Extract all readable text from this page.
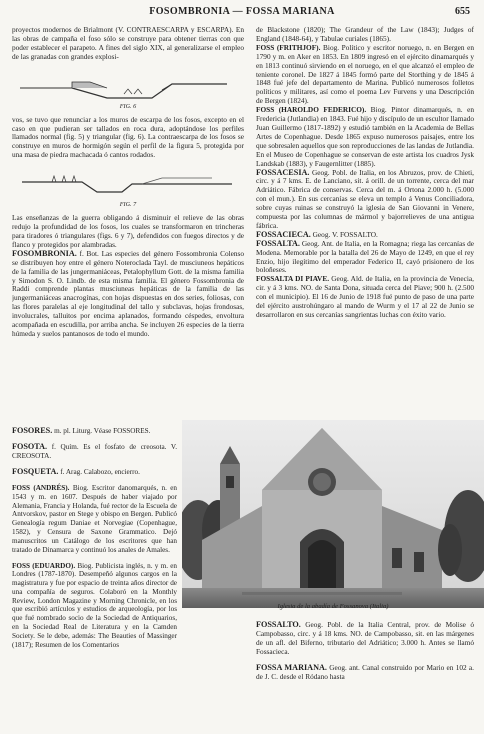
FOSOMBRONIA — FOSSA MARIANA	655

proyectos modernos de Brialmont (V. CONTRAESCARPA y ESCARPA). En las obras de campaña el foso sólo se construye para obtener tierras con que poder establecer el parapeto. A fines del siglo XIX, al generalizarse el empleo de las granadas con grandes explosi-

FIG. 6

vos, se tuvo que renunciar a los muros de escarpa de los fosos, excepto en el caso en que pudieran ser tallados en roca dura, adoptándose los perfiles llamados normal (fig. 5) y triangular (fig. 6). La contraescarpa de los fosos se construye en muros de hormigón según el perfil de la figura 5, protegida por una masa de piedra machacada ó cantos rodados.

FIG. 7

Las enseñanzas de la guerra obligando á disminuir el relieve de las obras redujo la profundidad de los fosos, los cuales se transformaron en trincheras para tiradores ó triangulares (figs. 6 y 7), defendidos con fuegos directos y de flanco y protegidos por alambradas.

FOSOMBRONIA. f. Bot. Las especies del género Fossombronia Colenso se distribuyen hoy entre el género Noteroclada Tayl. de musciuneos hepáticos de la familia de las jungermaniáceas, Petalophyllum Gott. de la misma familia y Simodon S. O. Lindb. de esta misma familia. El género Fossombronia de Raddi comprende plantas musciuneas hepáticas de la familia de las jungermaniáceas anacrogínas, con hojas dispuestas en dos series, foliosas, con las flores paralelas al eje longitudinal del tallo y subclavas, hojas frondosas, involucrales, talluitos por encima aplanados, formando céspedes, envoltura acompañada en escudilla, por arriba ancha. Se incluyen 26 especies de la tierra húmeda y suelos pantanosos de todo el mundo.

FOSORES. m. pl. Liturg. Véase FOSSORES.

FOSOTA. f. Quím. Es el fosfato de creosota. V. CREOSOTA.

FOSQUETA. f. Arag. Calabozo, encierro.

FOSS (ANDRÉS). Biog. Escritor danomarqués, n. en 1543 y m. en 1607. Después de haber viajado por Alemania, Francia y Holanda, fué rector de la Escuela de Antvorskov, pastor en Stege y obispo en Bergen. Publicó Genealogía regum Daniae et Norvegiae (Copenhague, 1582), y Censura de Saxone Grammatico. Dejó manuscritos un Catálogo de los escritores que han tratado de Dinamarca y continuó los anales de Amales.

FOSS (EDUARDO). Biog. Publicista inglés, n. y m. en Londres (1787-1870). Desempeñó algunos cargos en la magistratura y fue por espacio de treinta años director de una compañía de seguros. Colaboró en la Monthly Review, London Magazine y Morning Chronicle, en los que escribió artículos y estudios de arqueología, por los que fué nombrado socio de la Sociedad de Antiquarios, en la Sociedad Real de Literatura y en la Camden Society. Se le debe, además: The Beauties of Massinger (1817); Resumen de los Comentarios

de Blackstone (1820); The Grandeur of the Law (1843); Judges of England (1848-64), y Tabulae curiales (1865).

FOSS (FRITHJOF). Biog. Político y escritor noruego, n. en Bergen en 1790 y m. en Aker en 1853. En 1809 ingresó en el ejército dinamarqués y en 1813 continuó sirviendo en el noruego, en el que alcanzó el empleo de teniente coronel. De 1827 á 1845 formó parte del Storthing y de 1845 á 1848 fué jefe del departamento de Marina. Publicó numerosos folletos políticos y militares, así como el poema Lev Furvens y una Descripción de Bergen (1824).

FOSS (HAROLDO FEDERICO). Biog. Pintor dinamarqués, n. en Fredericia (Jutlandia) en 1843. Fué hijo y discípulo de un escultor llamado Juan Guillermo (1817-1892) y estudió también en la Academia de Bellas Artes de Copenhague. Desde 1865 expuso numerosos paisajes, entre los que sobresalen aquellos que son reproducciones de las landas de Jutlandia. En el Museo de Copenhague se conservan de este artista los cuadros Jysk Landskab (1883), y Faugernlitter (1885).

FOSSACESIA. Geog. Pobl. de Italia, en los Abruzos, prov. de Chieti, circ. y á 7 kms. E. de Lanciano, sit. á orill. de un torrente, cerca del mar Adriático. Fábrica de conservas. Cerca del m. á Ortona 2.000 h. (5.000 con el mun.). En sus cercanías se eleva un templo á Venus Conciliadora, sobre cuyas ruinas se construyó la iglesia de San Giovanni in Venere, compuesta por las columnas de mármol y bajorrelieves de una antigua fábrica.

FOSSACIECA. Geog. V. FOSSALTO.

FOSSALTA. Geog. Ant. de Italia, en la Romagna; riega las cercanías de Modena. Memorable por la batalla del 26 de Mayo de 1249, en que el rey Enzio, hijo ilegítimo del emperador Federico II, cayó prisionero de los boloñeses.

FOSSALTA DI PIAVE. Geog. Ald. de Italia, en la provincia de Venecia, cir. y á 3 kms. NO. de Santa Dona, situada cerca del Piave; 900 h. (2.500 con el municipio). El 16 de Junio de 1918 fué punto de paso de una parte del ejército austrohúngaro al mando de Wurm y el 17 al 22 de Junio se desarrollaron en sus cercanías sangrientas luchas con éxito vario.

Iglesia de la abadía de Fossanova (Italia)

FOSSALTO. Geog. Pobl. de la Italia Central, prov. de Molise ó Campobasso, circ. y á 18 kms. NO. de Campobasso, sit. en las márgenes de un afl. del Biferno, tributario del Adriático; 3.000 h. Antes se llamó Fossacieca.

FOSSA MARIANA. Geog. ant. Canal construido por Mario en 102 a. de J. C. desde el Ródano hasta
